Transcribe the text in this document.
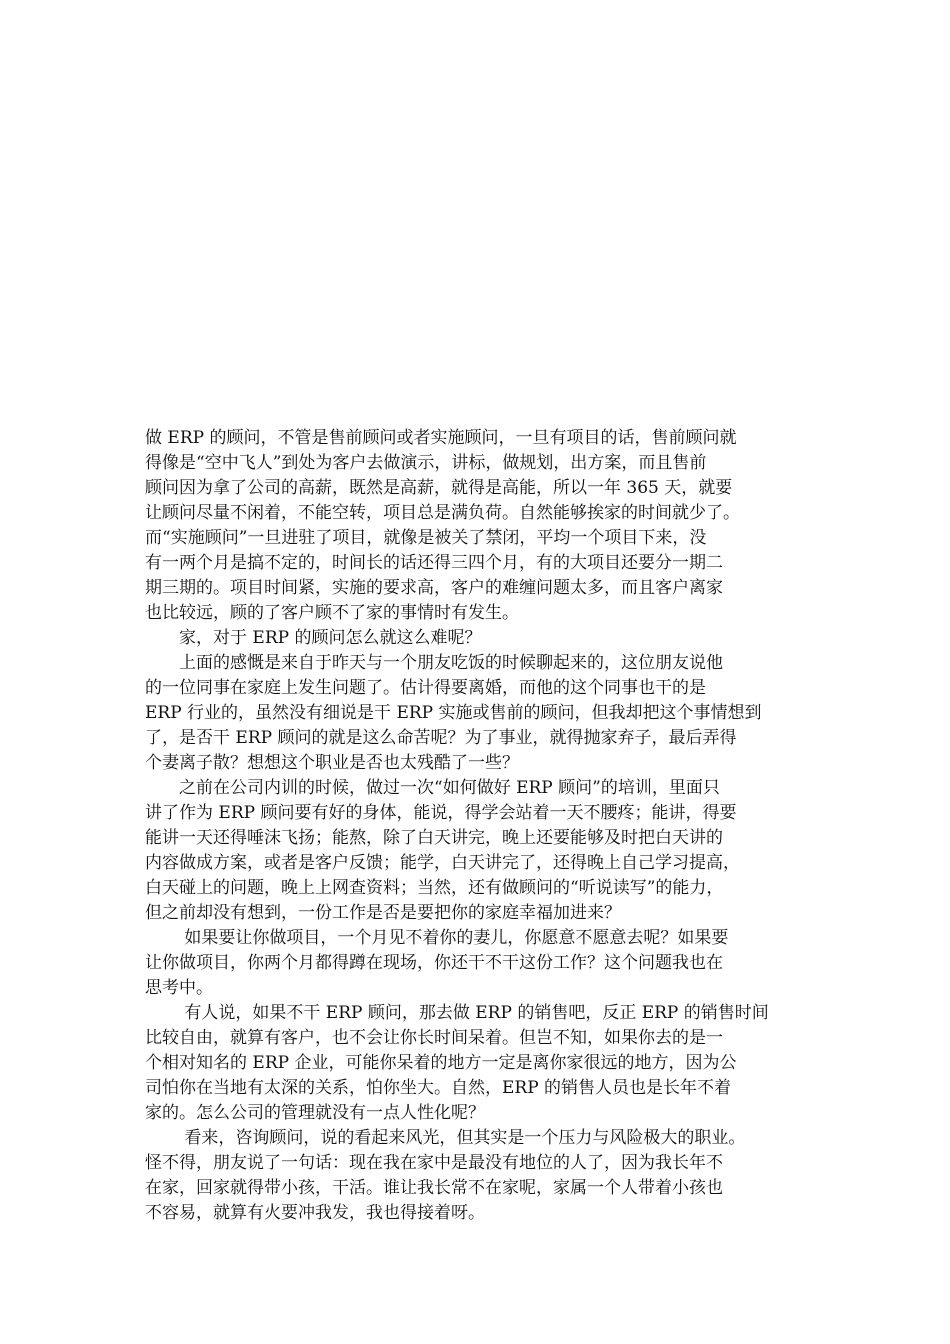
做 ERP 的顾问，不管是售前顾问或者实施顾问，一旦有项目的话，售前顾问就
得像是“空中飞人”到处为客户去做演示，讲标，做规划，出方案，而且售前
顾问因为拿了公司的高薪，既然是高薪，就得是高能，所以一年 365 天，就要
让顾问尽量不闲着，不能空转，项目总是满负荷。自然能够挨家的时间就少了。
而“实施顾问”一旦进驻了项目，就像是被关了禁闭，平均一个项目下来，没
有一两个月是搞不定的，时间长的话还得三四个月，有的大项目还要分一期二
期三期的。项目时间紧，实施的要求高，客户的难缠问题太多，而且客户离家
也比较远，顾的了客户顾不了家的事情时有发生。
　　家，对于 ERP 的顾问怎么就这么难呢？
　　上面的感慨是来自于昨天与一个朋友吃饭的时候聊起来的，这位朋友说他
的一位同事在家庭上发生问题了。估计得要离婚，而他的这个同事也干的是
ERP 行业的，虽然没有细说是干 ERP 实施或售前的顾问，但我却把这个事情想到
了，是否干 ERP 顾问的就是这么命苦呢？为了事业，就得抛家弃子，最后弄得
个妻离子散？想想这个职业是否也太残酷了一些？
　　之前在公司内训的时候，做过一次“如何做好 ERP 顾问”的培训，里面只
讲了作为 ERP 顾问要有好的身体，能说，得学会站着一天不腰疼；能讲，得要
能讲一天还得唾沫飞扬；能熬，除了白天讲完，晚上还要能够及时把白天讲的
内容做成方案，或者是客户反馈；能学，白天讲完了，还得晚上自己学习提高，
白天碰上的问题，晚上上网查资料；当然，还有做顾问的“听说读写”的能力，
但之前却没有想到，一份工作是否是要把你的家庭幸福加进来？
　　 如果要让你做项目，一个月见不着你的妻儿，你愿意不愿意去呢？如果要
让你做项目，你两个月都得蹲在现场，你还干不干这份工作？这个问题我也在
思考中。
　　 有人说，如果不干 ERP 顾问，那去做 ERP 的销售吧，反正 ERP 的销售时间
比较自由，就算有客户，也不会让你长时间呆着。但岂不知，如果你去的是一
个相对知名的 ERP 企业，可能你呆着的地方一定是离你家很远的地方，因为公
司怕你在当地有太深的关系，怕你坐大。自然，ERP 的销售人员也是长年不着
家的。怎么公司的管理就没有一点人性化呢？
　　 看来，咨询顾问，说的看起来风光，但其实是一个压力与风险极大的职业。
怪不得，朋友说了一句话：现在我在家中是最没有地位的人了，因为我长年不
在家，回家就得带小孩，干活。谁让我长常不在家呢，家属一个人带着小孩也
不容易，就算有火要冲我发，我也得接着呀。
